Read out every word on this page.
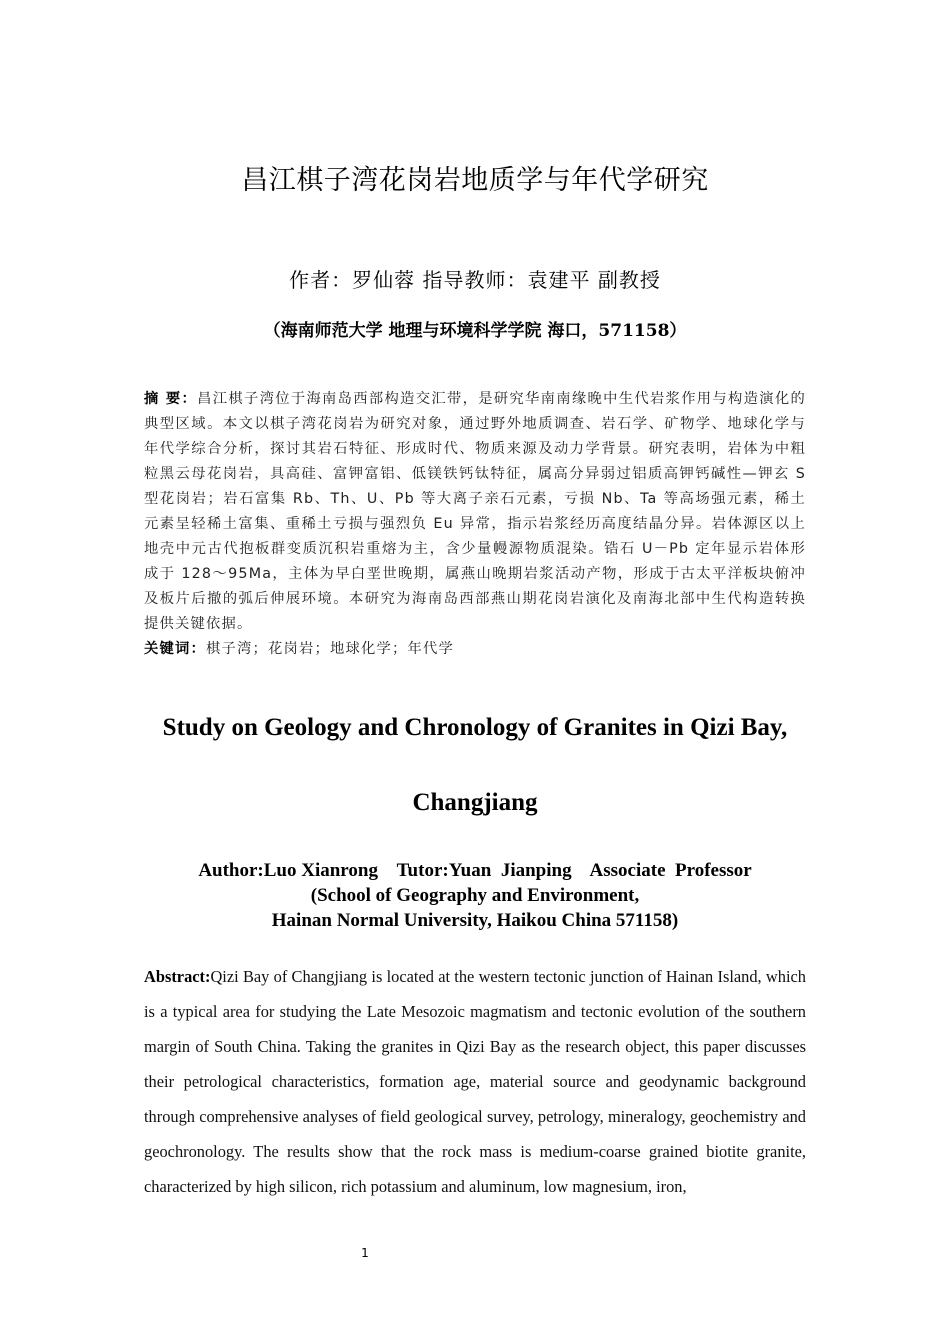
昌江棋子湾花岗岩地质学与年代学研究
作者：罗仙蓉 指导教师：袁建平 副教授
（海南师范大学 地理与环境科学学院 海口，571158）
摘 要：昌江棋子湾位于海南岛西部构造交汇带，是研究华南南缘晚中生代岩浆作用与构造演化的典型区域。本文以棋子湾花岗岩为研究对象，通过野外地质调查、岩石学、矿物学、地球化学与年代学综合分析，探讨其岩石特征、形成时代、物质来源及动力学背景。研究表明，岩体为中粗粒黑云母花岗岩，具高硅、富钾富铝、低镁铁钙钛特征，属高分异弱过铝质高钾钙碱性—钾玄 S 型花岗岩；岩石富集 Rb、Th、U、Pb 等大离子亲石元素，亏损 Nb、Ta 等高场强元素，稀土元素呈轻稀土富集、重稀土亏损与强烈负 Eu 异常，指示岩浆经历高度结晶分异。岩体源区以上地壳中元古代抱板群变质沉积岩重熔为主，含少量幔源物质混染。锆石 U－Pb 定年显示岩体形成于 128～95Ma，主体为早白垩世晚期，属燕山晚期岩浆活动产物，形成于古太平洋板块俯冲及板片后撤的弧后伸展环境。本研究为海南岛西部燕山期花岗岩演化及南海北部中生代构造转换提供关键依据。
关键词：棋子湾；花岗岩；地球化学；年代学
Study on Geology and Chronology of Granites in Qizi Bay, Changjiang
Author:Luo Xianrong    Tutor:Yuan  Jianping    Associate  Professor
(School of Geography and Environment,
Hainan Normal University, Haikou China 571158)
Abstract:Qizi Bay of Changjiang is located at the western tectonic junction of Hainan Island, which is a typical area for studying the Late Mesozoic magmatism and tectonic evolution of the southern margin of South China. Taking the granites in Qizi Bay as the research object, this paper discusses their petrological characteristics, formation age, material source and geodynamic background through comprehensive analyses of field geological survey, petrology, mineralogy, geochemistry and geochronology. The results show that the rock mass is medium-coarse grained biotite granite, characterized by high silicon, rich potassium and aluminum, low magnesium, iron,
1
